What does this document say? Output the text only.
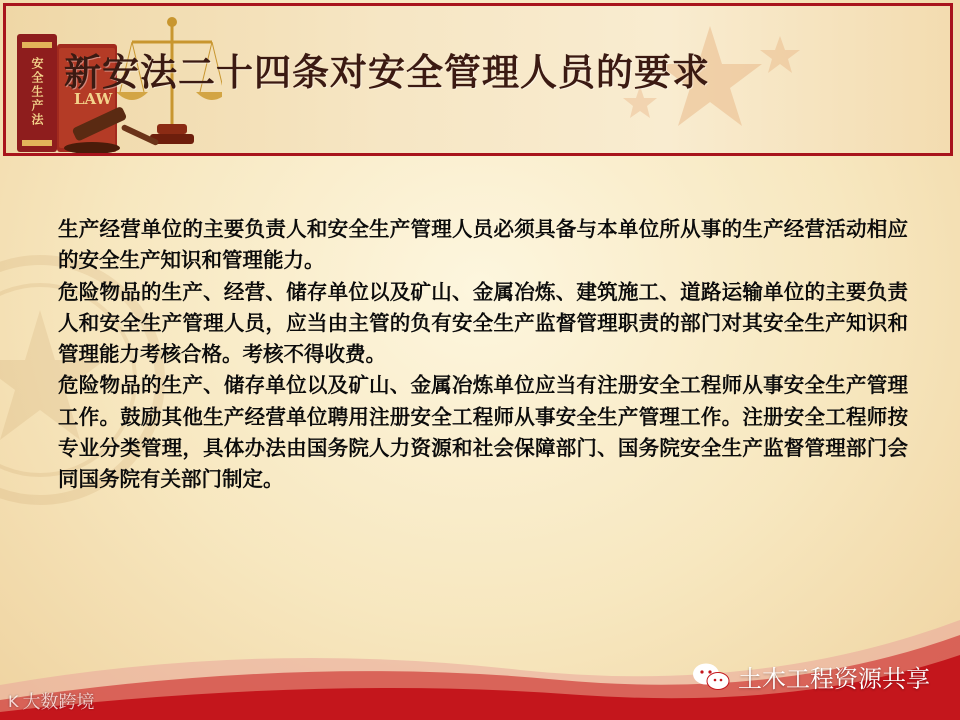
安全生产法 LAW
新安法二十四条对安全管理人员的要求

生产经营单位的主要负责人和安全生产管理人员必须具备与本单位所从事的生产经营活动相应的安全生产知识和管理能力。

危险物品的生产、经营、储存单位以及矿山、金属冶炼、建筑施工、道路运输单位的主要负责人和安全生产管理人员，应当由主管的负有安全生产监督管理职责的部门对其安全生产知识和管理能力考核合格。考核不得收费。

危险物品的生产、储存单位以及矿山、金属冶炼单位应当有注册安全工程师从事安全生产管理工作。鼓励其他生产经营单位聘用注册安全工程师从事安全生产管理工作。注册安全工程师按专业分类管理，具体办法由国务院人力资源和社会保障部门、国务院安全生产监督管理部门会同国务院有关部门制定。

K 大数跨境
土木工程资源共享
